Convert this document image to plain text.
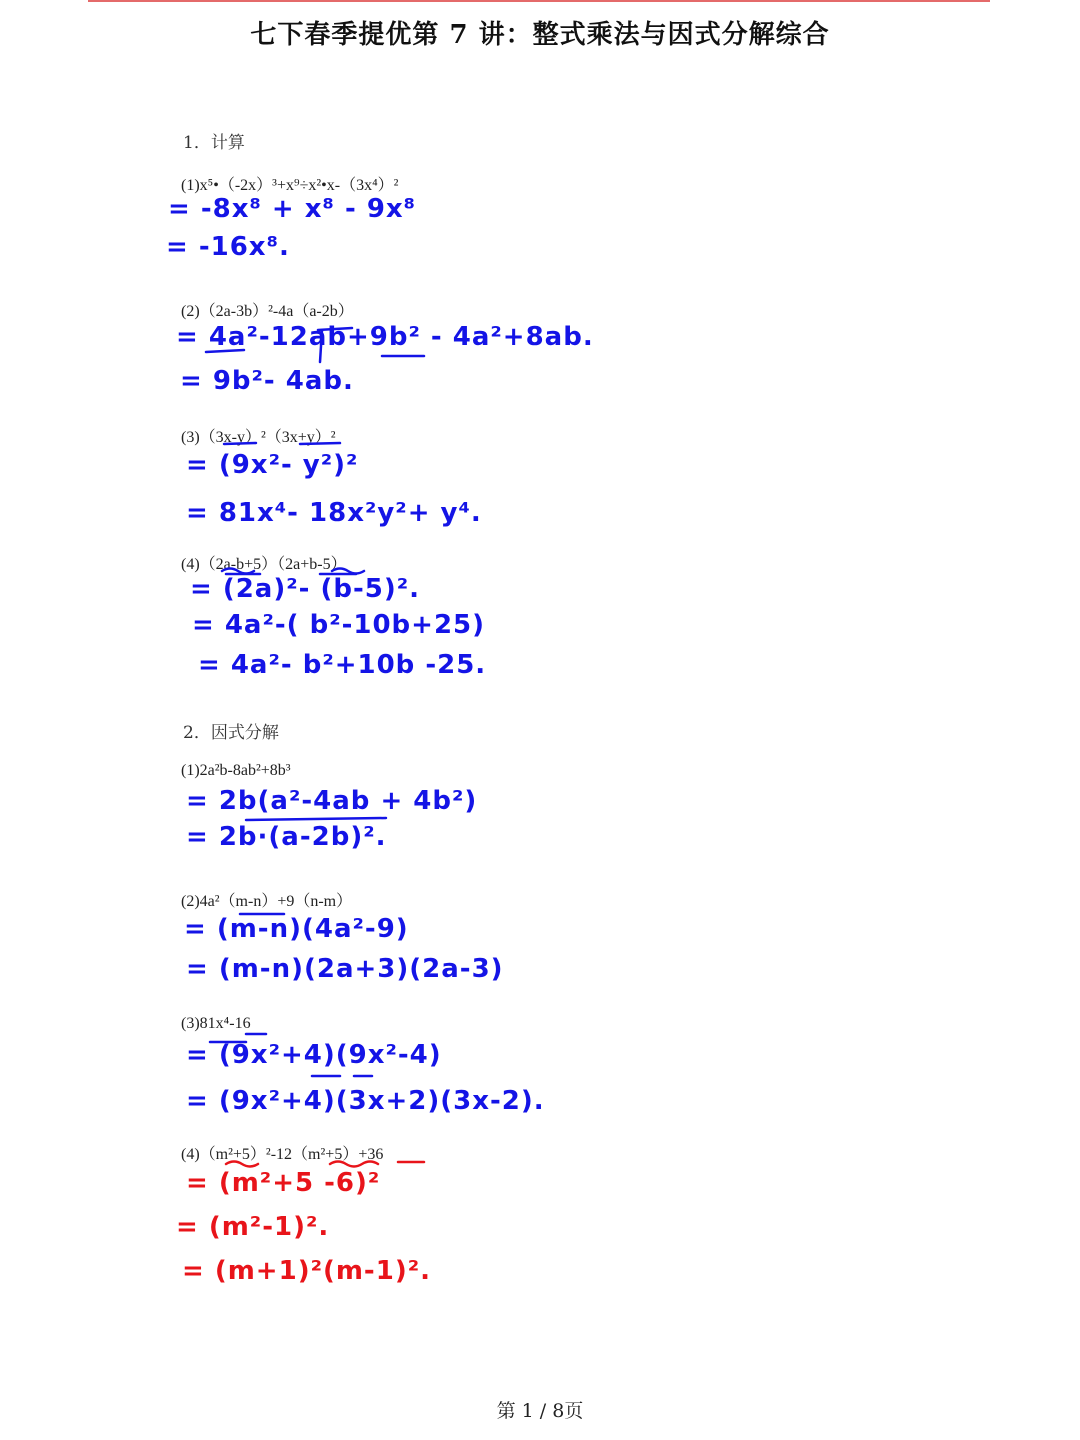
七下春季提优第 7 讲：整式乘法与因式分解综合
1．计算
(1)x⁵•（-2x）³+x⁹÷x²•x-（3x⁴）²
= -8x⁸ + x⁸ - 9x⁸
= -16x⁸.
(2)（2a-3b）²-4a（a-2b）
= 4a²-12ab+9b² - 4a²+8ab.
= 9b²- 4ab.
(3)（3x-y）²（3x+y）²
= (9x²- y²)²
= 81x⁴- 18x²y²+ y⁴.
(4)（2a-b+5）（2a+b-5）
= (2a)²- (b-5)².
= 4a²-( b²-10b+25)
= 4a²- b²+10b -25.
2．因式分解
(1)2a²b-8ab²+8b³
= 2b(a²-4ab + 4b²)
= 2b·(a-2b)².
(2)4a²（m-n）+9（n-m）
= (m-n)(4a²-9)
= (m-n)(2a+3)(2a-3)
(3)81x⁴-16
= (9x²+4)(9x²-4)
= (9x²+4)(3x+2)(3x-2).
(4)（m²+5）²-12（m²+5）+36
= (m²+5 -6)²
= (m²-1)².
= (m+1)²(m-1)².
第 1 / 8页
